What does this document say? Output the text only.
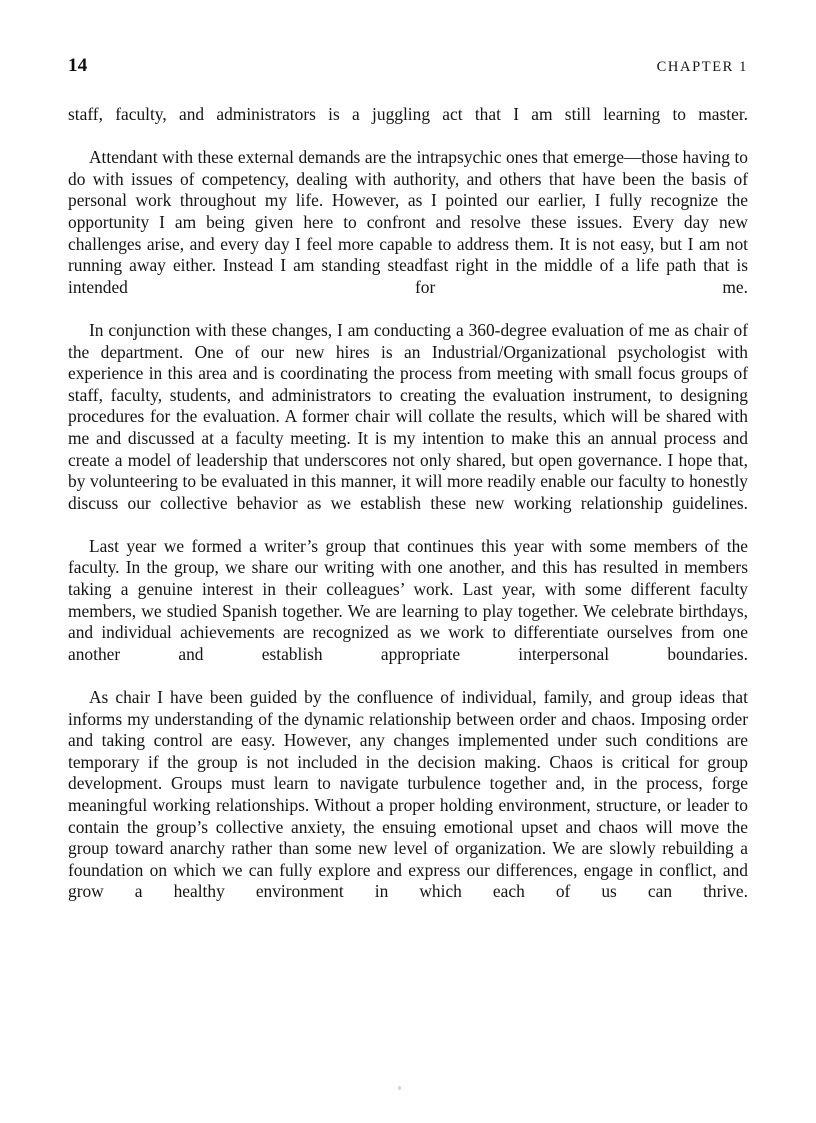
14	CHAPTER 1

staff, faculty, and administrators is a juggling act that I am still learning to master.

Attendant with these external demands are the intrapsychic ones that emerge—those having to do with issues of competency, dealing with authority, and others that have been the basis of personal work throughout my life. However, as I pointed our earlier, I fully recognize the opportunity I am being given here to confront and resolve these issues. Every day new challenges arise, and every day I feel more capable to address them. It is not easy, but I am not running away either. Instead I am standing steadfast right in the middle of a life path that is intended for me.

In conjunction with these changes, I am conducting a 360-degree evaluation of me as chair of the department. One of our new hires is an Industrial/Organizational psychologist with experience in this area and is coordinating the process from meeting with small focus groups of staff, faculty, students, and administrators to creating the evaluation instrument, to designing procedures for the evaluation. A former chair will collate the results, which will be shared with me and discussed at a faculty meeting. It is my intention to make this an annual process and create a model of leadership that underscores not only shared, but open governance. I hope that, by volunteering to be evaluated in this manner, it will more readily enable our faculty to honestly discuss our collective behavior as we establish these new working relationship guidelines.

Last year we formed a writer’s group that continues this year with some members of the faculty. In the group, we share our writing with one another, and this has resulted in members taking a genuine interest in their colleagues’ work. Last year, with some different faculty members, we studied Spanish together. We are learning to play together. We celebrate birthdays, and individual achievements are recognized as we work to differentiate ourselves from one another and establish appropriate interpersonal boundaries.

As chair I have been guided by the confluence of individual, family, and group ideas that informs my understanding of the dynamic relationship between order and chaos. Imposing order and taking control are easy. However, any changes implemented under such conditions are temporary if the group is not included in the decision making. Chaos is critical for group development. Groups must learn to navigate turbulence together and, in the process, forge meaningful working relationships. Without a proper holding environment, structure, or leader to contain the group’s collective anxiety, the ensuing emotional upset and chaos will move the group toward anarchy rather than some new level of organization. We are slowly rebuilding a foundation on which we can fully explore and express our differences, engage in conflict, and grow a healthy environment in which each of us can thrive.
